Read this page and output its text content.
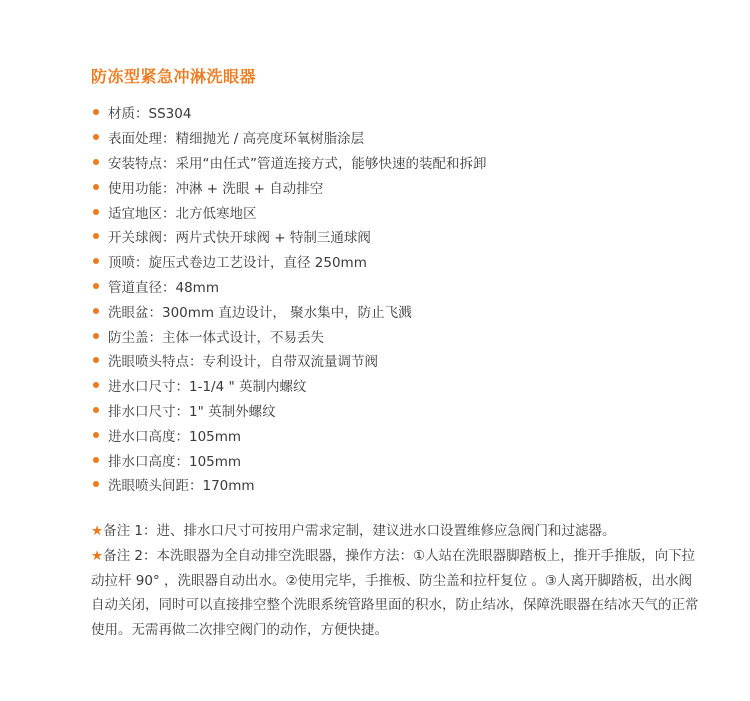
防冻型紧急冲淋洗眼器
材质：SS304
表面处理：精细抛光 / 高亮度环氧树脂涂层
安装特点：采用“由任式”管道连接方式，能够快速的装配和拆卸
使用功能：冲淋 + 洗眼 + 自动排空
适宜地区：北方低寒地区
开关球阀：两片式快开球阀 + 特制三通球阀
顶喷：旋压式卷边工艺设计，直径 250mm
管道直径：48mm
洗眼盆：300mm 直边设计， 聚水集中，防止飞溅
防尘盖：主体一体式设计，不易丢失
洗眼喷头特点：专利设计，自带双流量调节阀
进水口尺寸：1-1/4 " 英制内螺纹
排水口尺寸：1" 英制外螺纹
进水口高度：105mm
排水口高度：105mm
洗眼喷头间距：170mm

★备注 1：进、排水口尺寸可按用户需求定制，建议进水口设置维修应急阀门和过滤器。

★备注 2：本洗眼器为全自动排空洗眼器，操作方法：①人站在洗眼器脚踏板上，推开手推版，向下拉动拉杆 90° ，洗眼器自动出水。②使用完毕，手推板、防尘盖和拉杆复位 。③人离开脚踏板，出水阀自动关闭，同时可以直接排空整个洗眼系统管路里面的积水，防止结冰，保障洗眼器在结冰天气的正常使用。无需再做二次排空阀门的动作，方便快捷。
